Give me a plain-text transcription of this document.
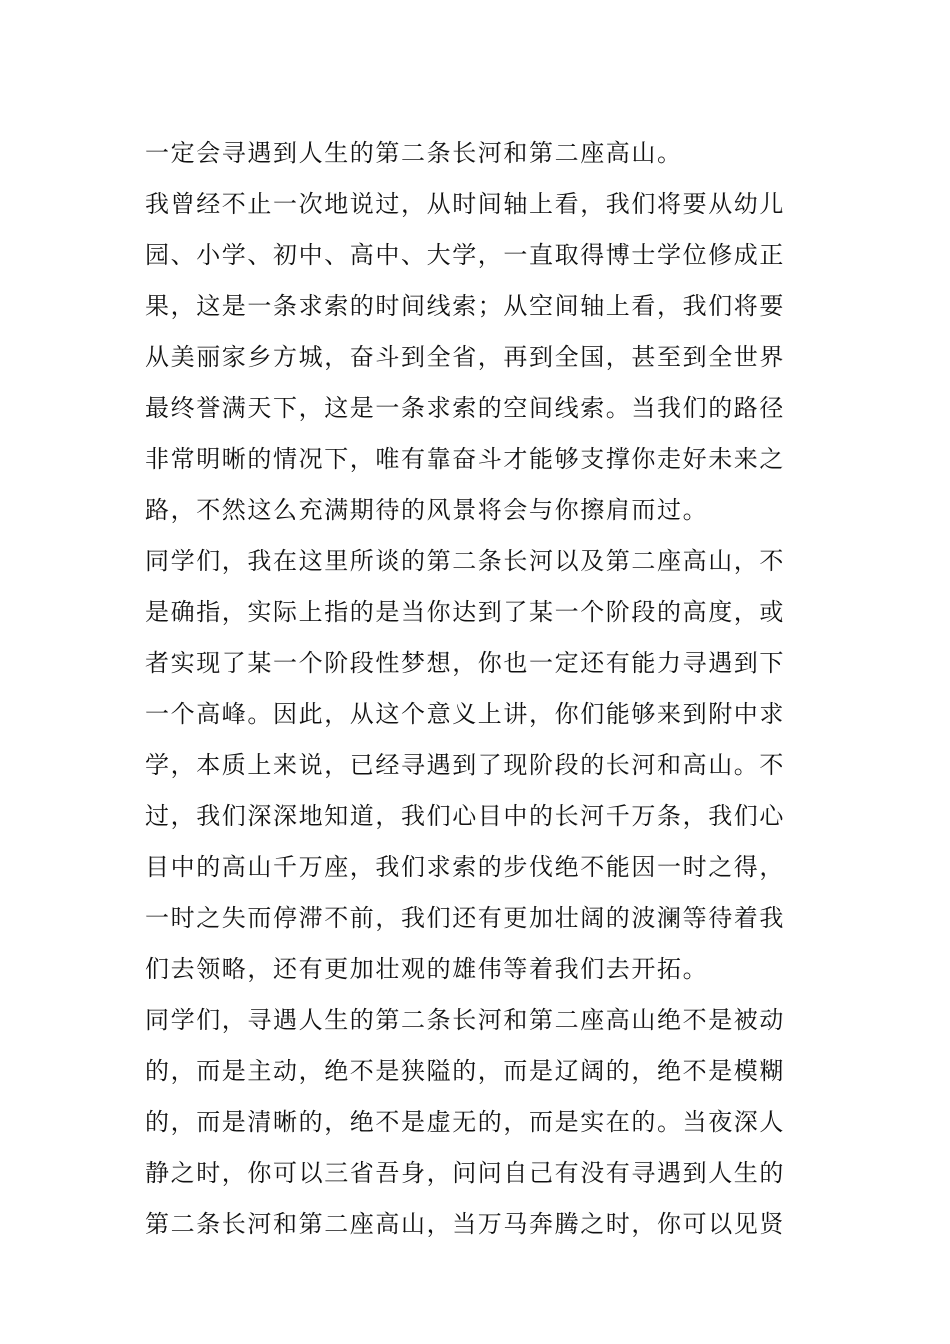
一定会寻遇到人生的第二条长河和第二座高山。
我曾经不止一次地说过，从时间轴上看，我们将要从幼儿
园、小学、初中、高中、大学，一直取得博士学位修成正
果，这是一条求索的时间线索；从空间轴上看，我们将要
从美丽家乡方城，奋斗到全省，再到全国，甚至到全世界
最终誉满天下，这是一条求索的空间线索。当我们的路径
非常明晰的情况下，唯有靠奋斗才能够支撑你走好未来之
路，不然这么充满期待的风景将会与你擦肩而过。
同学们，我在这里所谈的第二条长河以及第二座高山，不
是确指，实际上指的是当你达到了某一个阶段的高度，或
者实现了某一个阶段性梦想，你也一定还有能力寻遇到下
一个高峰。因此，从这个意义上讲，你们能够来到附中求
学，本质上来说，已经寻遇到了现阶段的长河和高山。不
过，我们深深地知道，我们心目中的长河千万条，我们心
目中的高山千万座，我们求索的步伐绝不能因一时之得，
一时之失而停滞不前，我们还有更加壮阔的波澜等待着我
们去领略，还有更加壮观的雄伟等着我们去开拓。
同学们，寻遇人生的第二条长河和第二座高山绝不是被动
的，而是主动，绝不是狭隘的，而是辽阔的，绝不是模糊
的，而是清晰的，绝不是虚无的，而是实在的。当夜深人
静之时，你可以三省吾身，问问自己有没有寻遇到人生的
第二条长河和第二座高山，当万马奔腾之时，你可以见贤
